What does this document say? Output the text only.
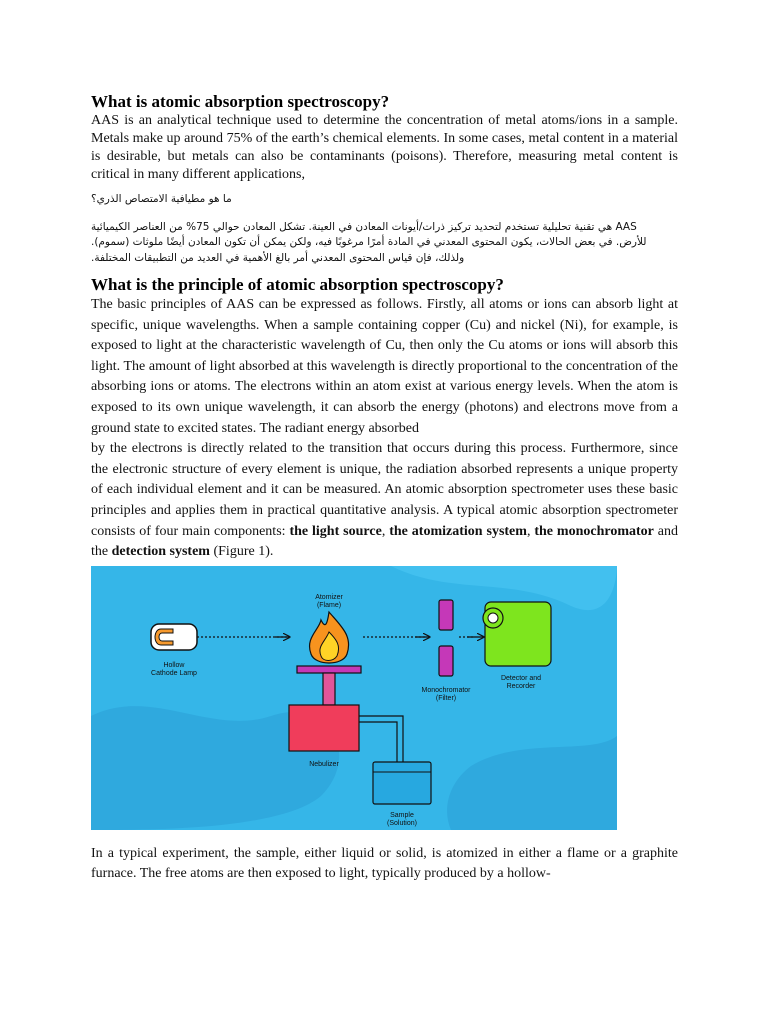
What is atomic absorption spectroscopy?

AAS is an analytical technique used to determine the concentration of metal atoms/ions in a sample. Metals make up around 75% of the earth’s chemical elements. In some cases, metal content in a material is desirable, but metals can also be contaminants (poisons). Therefore, measuring metal content is critical in many different applications,

ما هو مطيافية الامتصاص الذري؟

AAS هي تقنية تحليلية تستخدم لتحديد تركيز ذرات/أيونات المعادن في العينة. تشكل المعادن حوالي 75% من العناصر الكيميائية

للأرض. في بعض الحالات، يكون المحتوى المعدني في المادة أمرًا مرغوبًا فيه، ولكن يمكن أن تكون المعادن أيضًا ملوثات (سموم).

ولذلك، فإن قياس المحتوى المعدني أمر بالغ الأهمية في العديد من التطبيقات المختلفة.

What is the principle of atomic absorption spectroscopy?

The basic principles of AAS can be expressed as follows. Firstly, all atoms or ions can absorb light at specific, unique wavelengths. When a sample containing copper (Cu) and nickel (Ni), for example, is exposed to light at the characteristic wavelength of Cu, then only the Cu atoms or ions will absorb this light. The amount of light absorbed at this wavelength is directly proportional to the concentration of the absorbing ions or atoms. The electrons within an atom exist at various energy levels. When the atom is exposed to its own unique wavelength, it can absorb the energy (photons) and electrons move from a ground state to excited states. The radiant energy absorbed

by the electrons is directly related to the transition that occurs during this process. Furthermore, since the electronic structure of every element is unique, the radiation absorbed represents a unique property of each individual element and it can be measured. An atomic absorption spectrometer uses these basic principles and applies them in practical quantitative analysis. A typical atomic absorption spectrometer consists of four main components: the light source, the atomization system, the monochromator and the detection system (Figure 1).

Hollow
Cathode Lamp
Atomizer
(Flame)
Nebulizer
Sample
(Solution)
Monochromator
(Filter)
Detector and
Recorder

In a typical experiment, the sample, either liquid or solid, is atomized in either a flame or a graphite furnace. The free atoms are then exposed to light, typically produced by a hollow-
